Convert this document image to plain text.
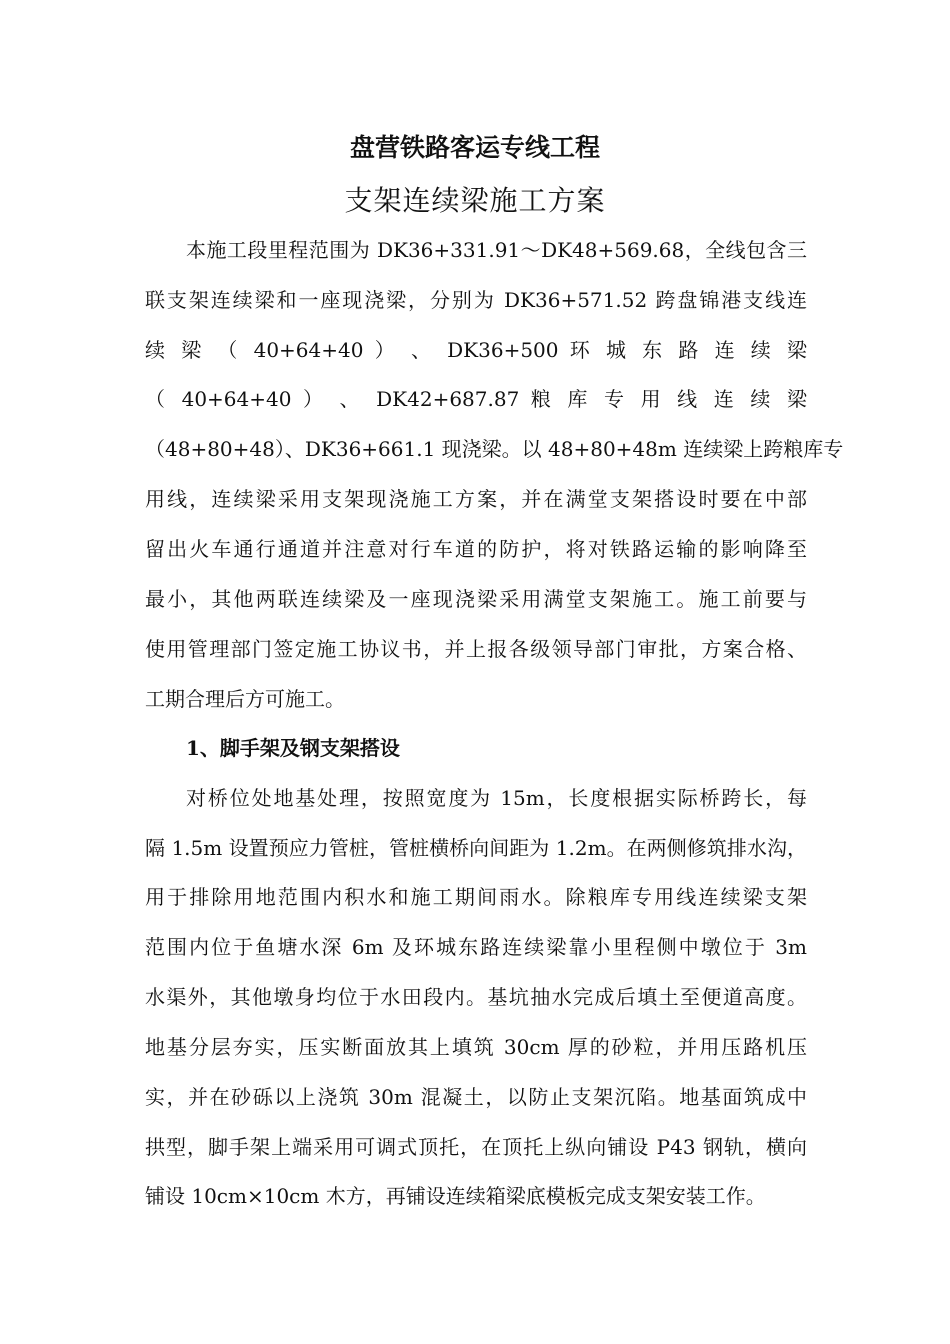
盘营铁路客运专线工程
支架连续梁施工方案
本施工段里程范围为 DK36+331.91～DK48+569.68，全线包含三
联支架连续梁和一座现浇梁，分别为 DK36+571.52 跨盘锦港支线连
续 梁 （ 40+64+40 ） 、 DK36+500 环 城 东 路 连 续 梁
（ 40+64+40 ） 、 DK42+687.87 粮 库 专 用 线 连 续 梁
（48+80+48）、DK36+661.1 现浇梁。以 48+80+48m 连续梁上跨粮库专
用线，连续梁采用支架现浇施工方案，并在满堂支架搭设时要在中部
留出火车通行通道并注意对行车道的防护，将对铁路运输的影响降至
最小，其他两联连续梁及一座现浇梁采用满堂支架施工。施工前要与
使用管理部门签定施工协议书，并上报各级领导部门审批，方案合格、
工期合理后方可施工。
1、脚手架及钢支架搭设
对桥位处地基处理，按照宽度为 15m，长度根据实际桥跨长，每
隔 1.5m 设置预应力管桩，管桩横桥向间距为 1.2m。在两侧修筑排水沟，
用于排除用地范围内积水和施工期间雨水。除粮库专用线连续梁支架
范围内位于鱼塘水深 6m 及环城东路连续梁靠小里程侧中墩位于 3m
水渠外，其他墩身均位于水田段内。基坑抽水完成后填土至便道高度。
地基分层夯实，压实断面放其上填筑 30cm 厚的砂粒，并用压路机压
实，并在砂砾以上浇筑 30m 混凝土，以防止支架沉陷。地基面筑成中
拱型，脚手架上端采用可调式顶托，在顶托上纵向铺设 P43 钢轨，横向
铺设 10cm×10cm 木方，再铺设连续箱梁底模板完成支架安装工作。
